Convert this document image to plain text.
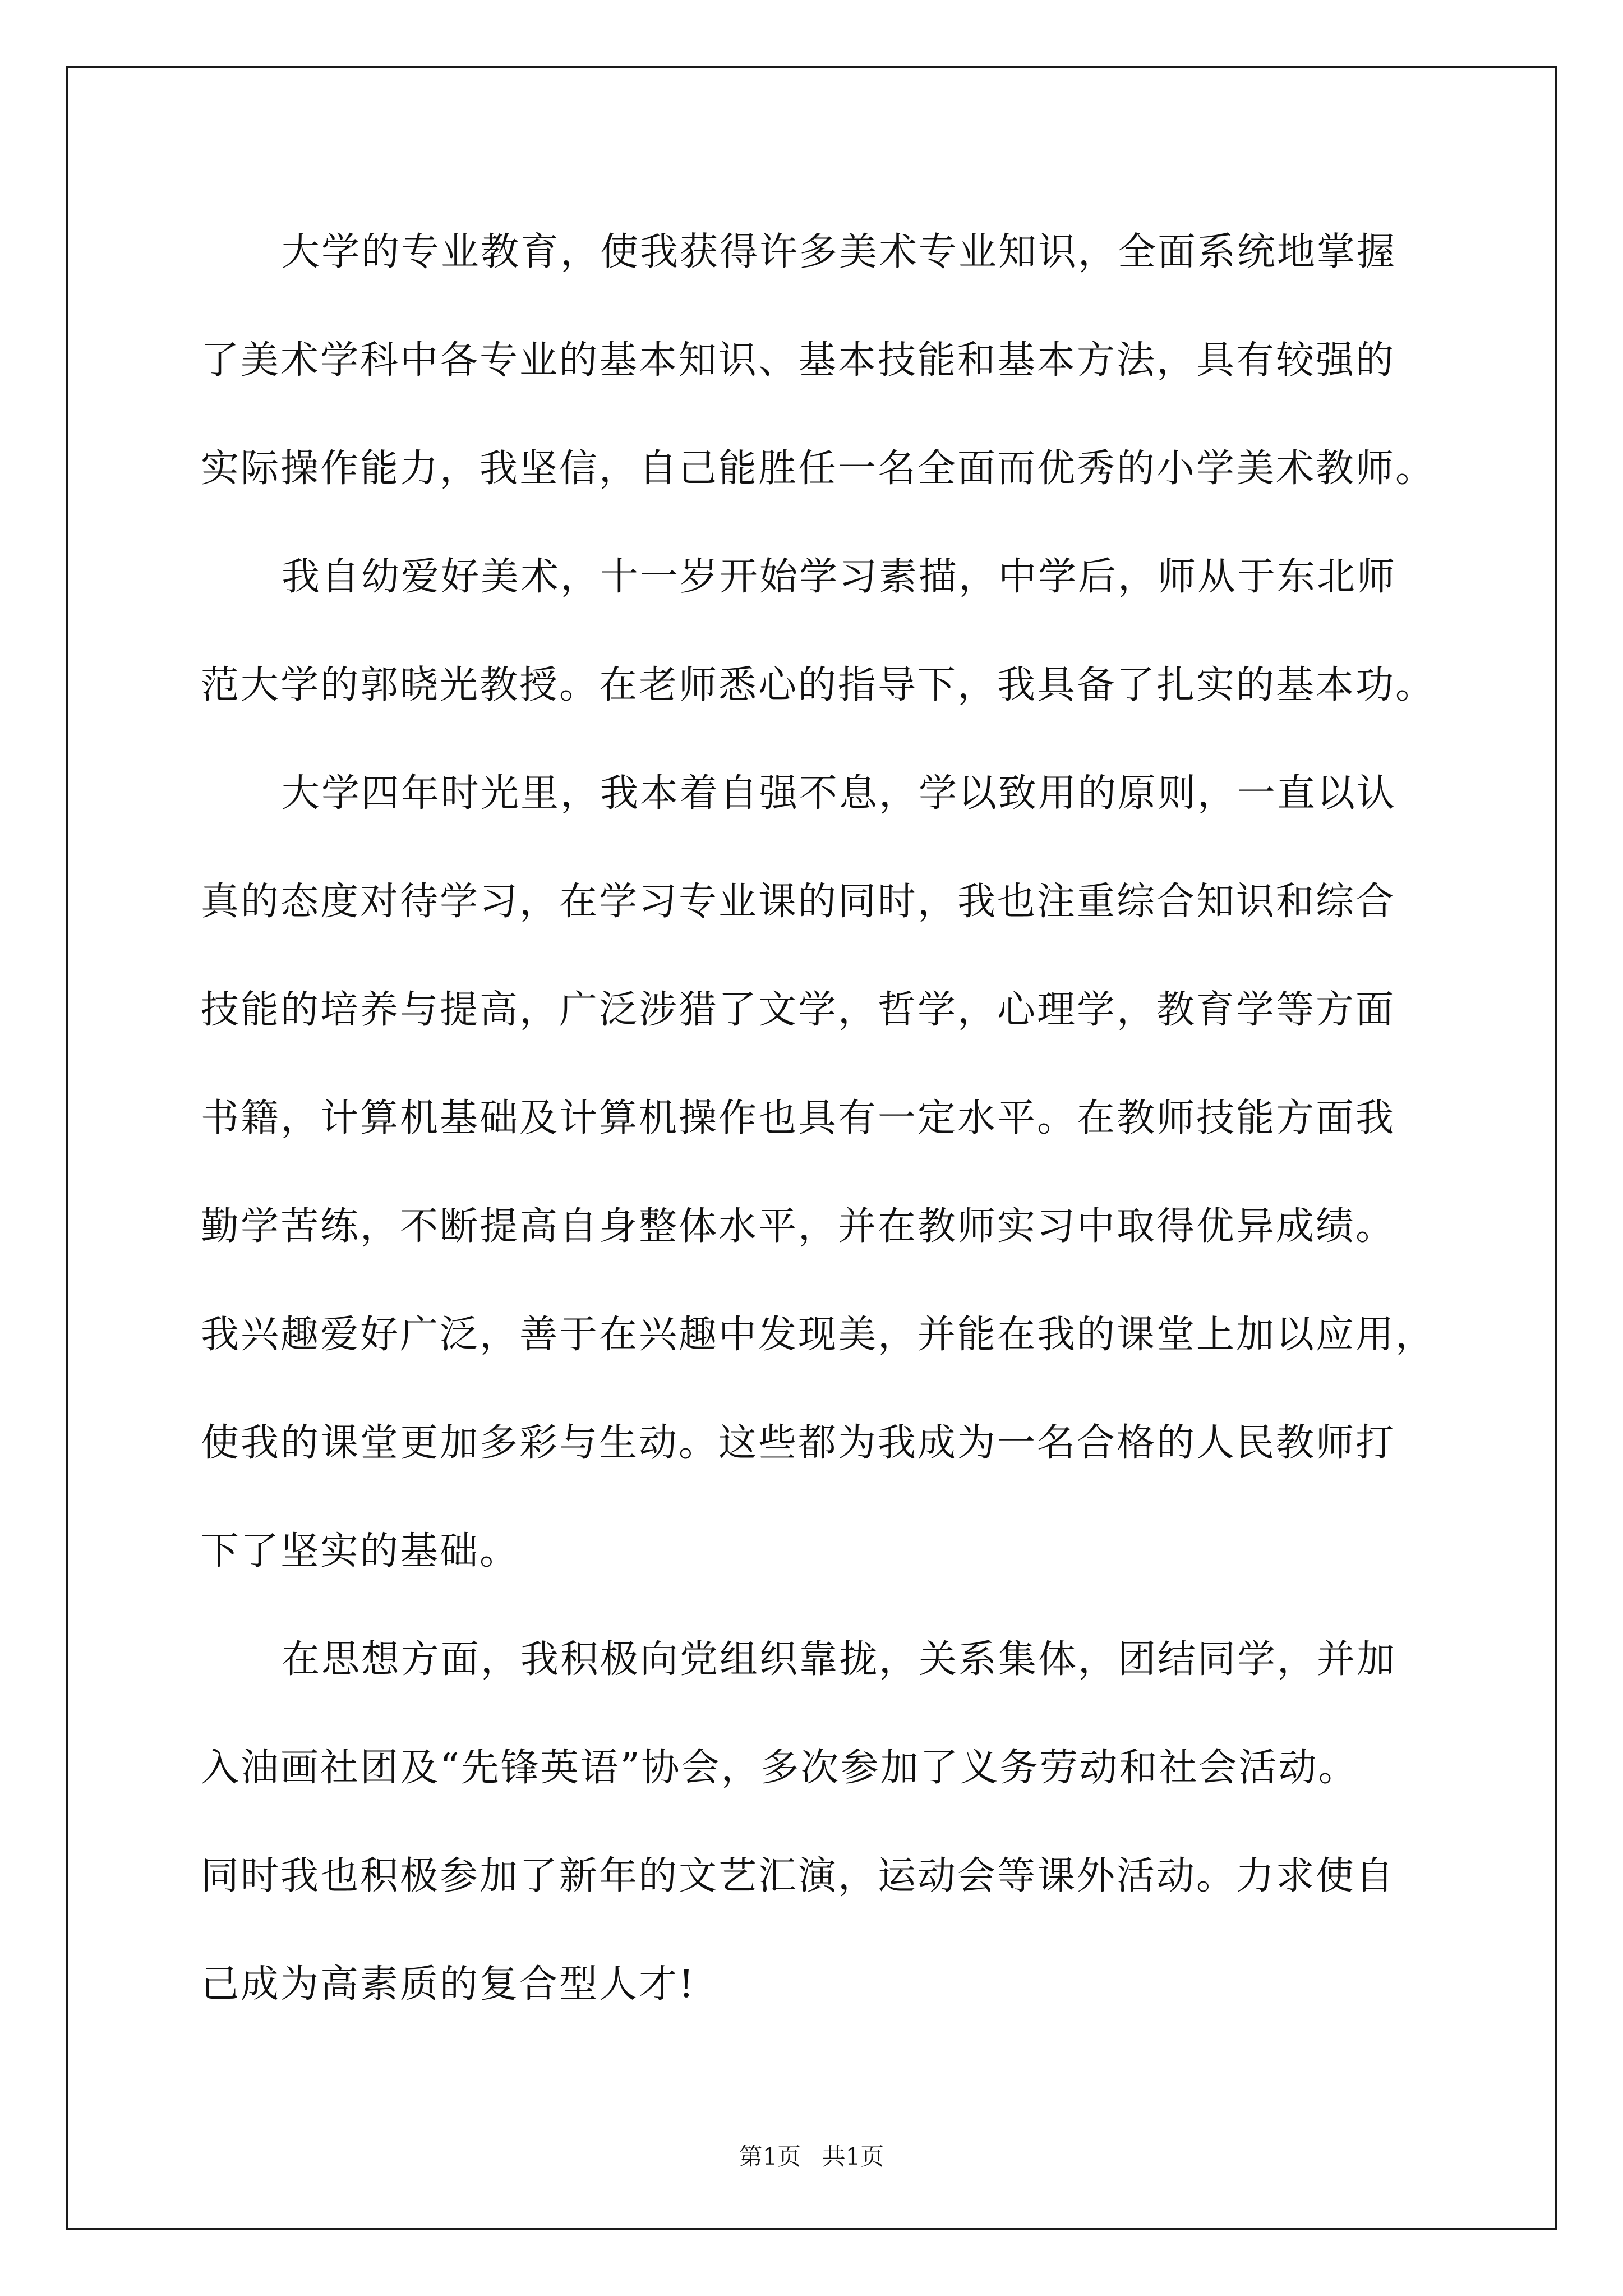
大学的专业教育，使我获得许多美术专业知识，全面系统地掌握
了美术学科中各专业的基本知识、基本技能和基本方法，具有较强的
实际操作能力，我坚信，自己能胜任一名全面而优秀的小学美术教师。
我自幼爱好美术，十一岁开始学习素描，中学后，师从于东北师
范大学的郭晓光教授。在老师悉心的指导下，我具备了扎实的基本功。
大学四年时光里，我本着自强不息，学以致用的原则，一直以认
真的态度对待学习，在学习专业课的同时，我也注重综合知识和综合
技能的培养与提高，广泛涉猎了文学，哲学，心理学，教育学等方面
书籍，计算机基础及计算机操作也具有一定水平。在教师技能方面我
勤学苦练，不断提高自身整体水平，并在教师实习中取得优异成绩。
我兴趣爱好广泛，善于在兴趣中发现美，并能在我的课堂上加以应用，
使我的课堂更加多彩与生动。这些都为我成为一名合格的人民教师打
下了坚实的基础。
在思想方面，我积极向党组织靠拢，关系集体，团结同学，并加
入油画社团及“先锋英语”协会，多次参加了义务劳动和社会活动。
同时我也积极参加了新年的文艺汇演，运动会等课外活动。力求使自
己成为高素质的复合型人才!
第1页 共1页
